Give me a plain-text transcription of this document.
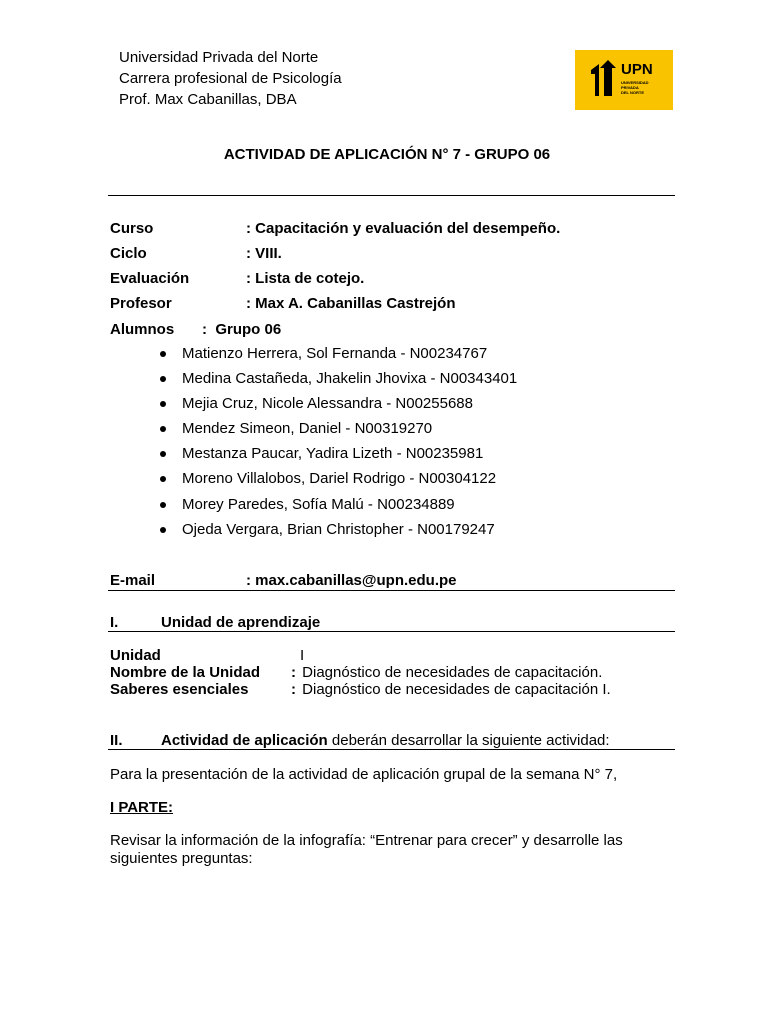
Universidad Privada del Norte
Carrera profesional de Psicología
Prof. Max Cabanillas, DBA
UPN
UNIVERSIDAD
PRIVADA
DEL NORTE
ACTIVIDAD DE APLICACIÓN N° 7 - GRUPO 06
Curso	: Capacitación y evaluación del desempeño.
Ciclo	: VIII.
Evaluación	: Lista de cotejo.
Profesor	: Max A. Cabanillas Castrejón
Alumnos :  Grupo 06
Matienzo Herrera, Sol Fernanda - N00234767
Medina Castañeda, Jhakelin Jhovixa - N00343401
Mejia Cruz, Nicole Alessandra - N00255688
Mendez Simeon, Daniel - N00319270
Mestanza Paucar, Yadira Lizeth - N00235981
Moreno Villalobos, Dariel Rodrigo - N00304122
Morey Paredes, Sofía Malú - N00234889
Ojeda Vergara, Brian Christopher - N00179247
E-mail	: max.cabanillas@upn.edu.pe
I.	Unidad de aprendizaje
Unidad	I
Nombre de la Unidad : Diagnóstico de necesidades de capacitación.
Saberes esenciales	: Diagnóstico de necesidades de capacitación I.
II.	Actividad de aplicación deberán desarrollar la siguiente actividad:
Para la presentación de la actividad de aplicación grupal de la semana N° 7,
I PARTE:
Revisar la información de la infografía: “Entrenar para crecer” y desarrolle las
siguientes preguntas:
